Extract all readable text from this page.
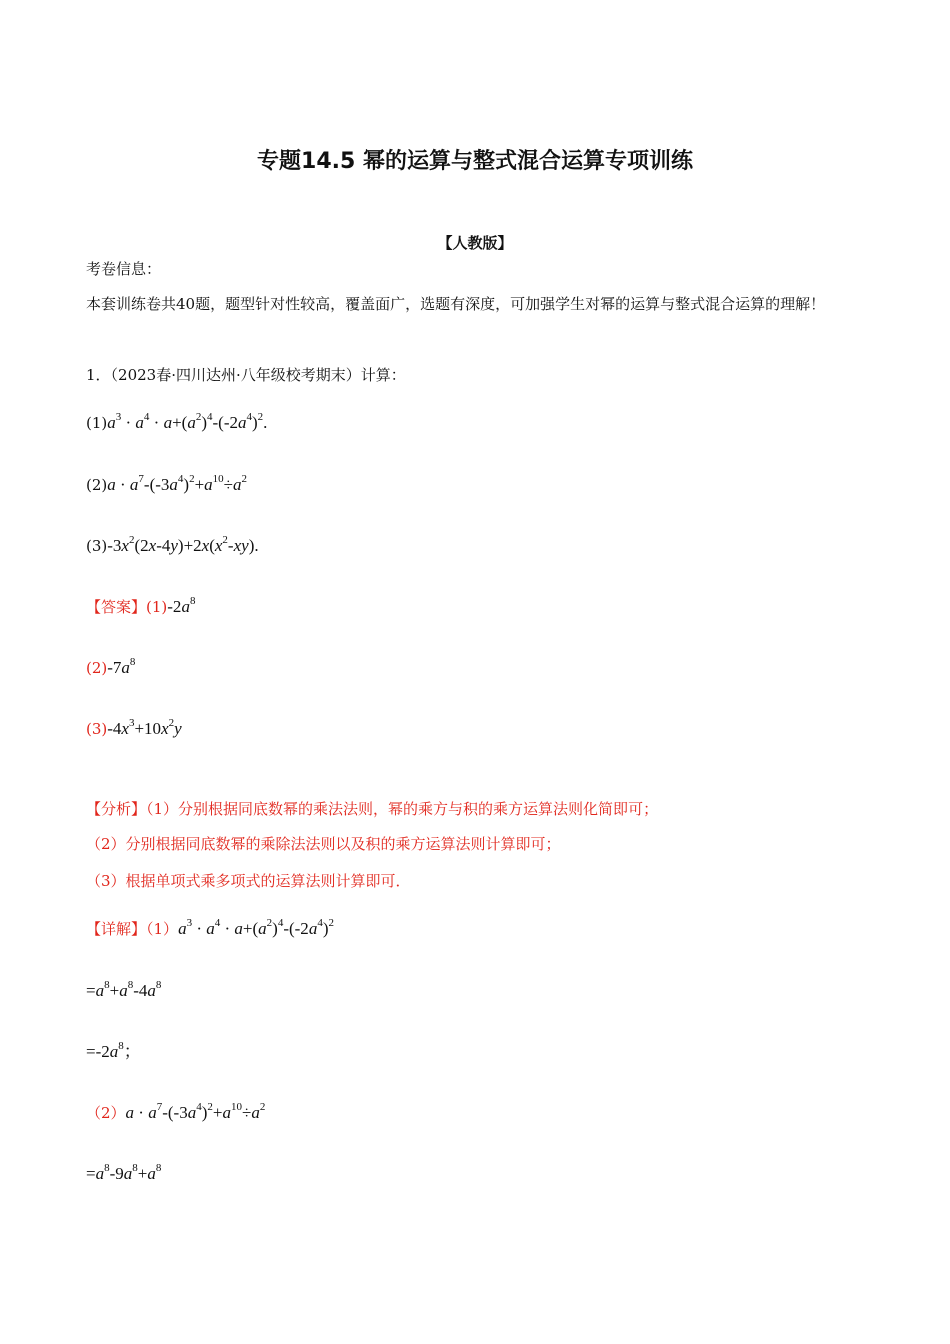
专题14.5 幂的运算与整式混合运算专项训练
【人教版】
考卷信息：
本套训练卷共40题，题型针对性较高，覆盖面广，选题有深度，可加强学生对幂的运算与整式混合运算的理解！
1．（2023春·四川达州·八年级校考期末）计算：
$(1)a^3 \cdot a^4 \cdot a+(a^2)^4-(-2a^4)^2$.
$(2)a \cdot a^7-(-3a^4)^2+a^{10}\div a^2$
$(3)-3x^2(2x-4y)+2x(x^2-xy)$.
【答案】$(1)-2a^8$
$(2)-7a^8$
$(3)-4x^3+10x^2y$
【分析】（1）分别根据同底数幂的乘法法则，幂的乘方与积的乘方运算法则化简即可；
（2）分别根据同底数幂的乘除法法则以及积的乘方运算法则计算即可；
（3）根据单项式乘多项式的运算法则计算即可．
【详解】$(1)a^3 \cdot a^4 \cdot a+(a^2)^4-(-2a^4)^2$
$=a^8+a^8-4a^8$
$=-2a^8$；
$(2)a \cdot a^7-(-3a^4)^2+a^{10}\div a^2$
$=a^8-9a^8+a^8$
